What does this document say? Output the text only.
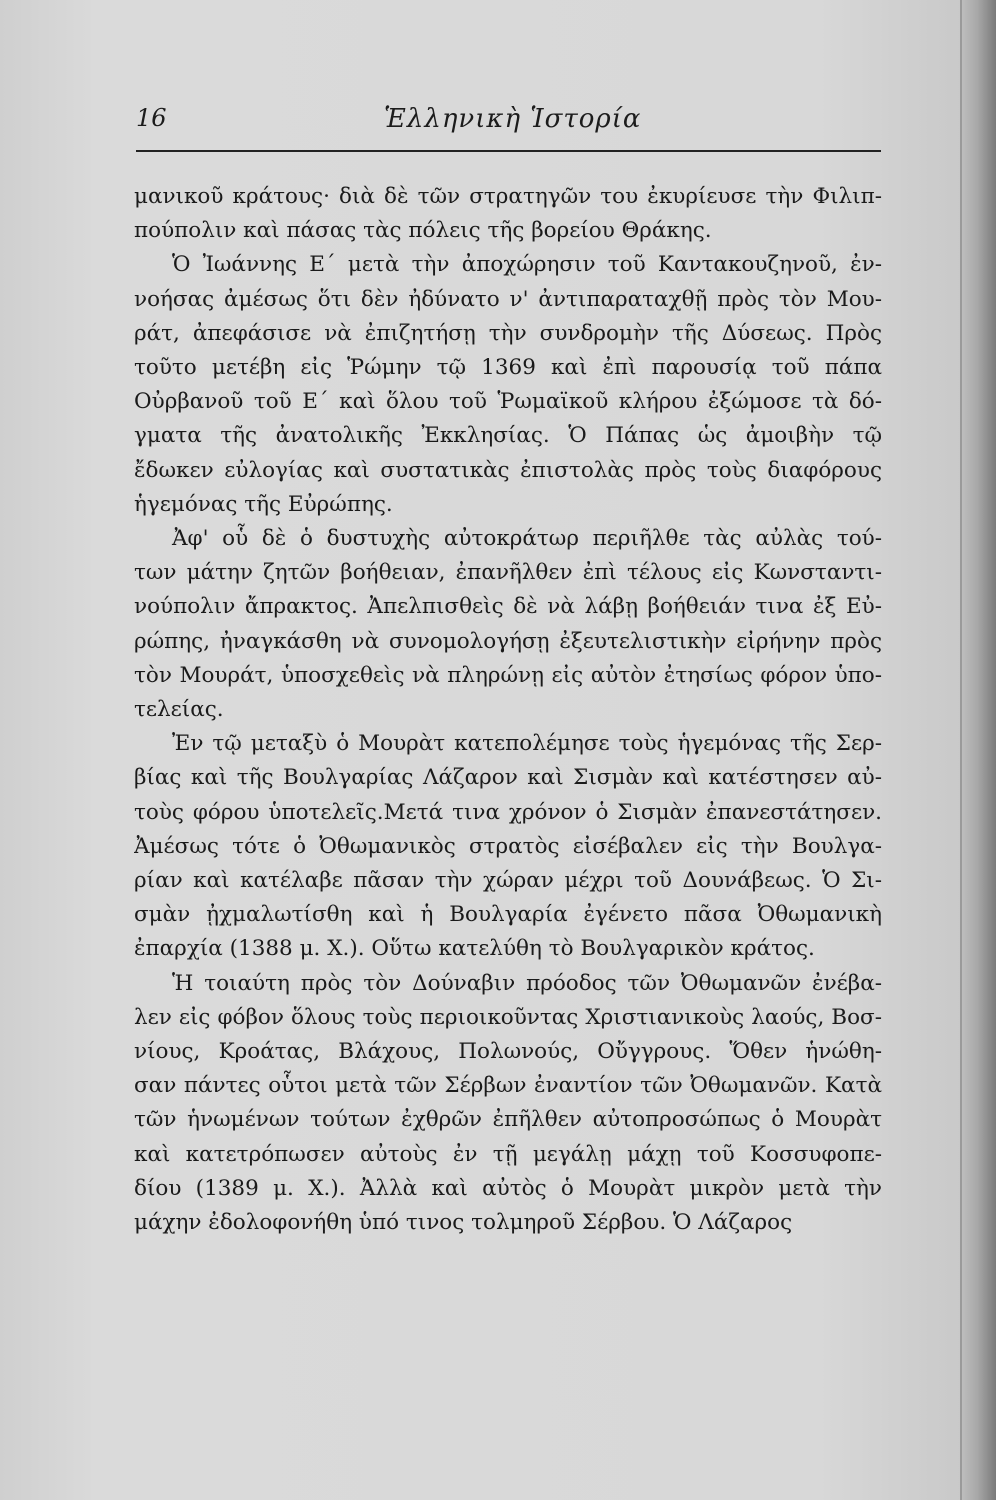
16	Ἑλληνικὴ Ἱστορία
μανικοῦ κράτους· διὰ δὲ τῶν στρατηγῶν του ἐκυρίευσε τὴν Φιλιπ-
πούπολιν καὶ πάσας τὰς πόλεις τῆς βορείου Θράκης.
Ὁ Ἰωάννης Ε΄ μετὰ τὴν ἀποχώρησιν τοῦ Καντακουζηνοῦ, ἐν-
νοήσας ἀμέσως ὅτι δὲν ἠδύνατο ν' ἀντιπαραταχθῇ πρὸς τὸν Μου-
ράτ, ἀπεφάσισε νὰ ἐπιζητήσῃ τὴν συνδρομὴν τῆς Δύσεως. Πρὸς
τοῦτο μετέβη εἰς Ῥώμην τῷ 1369 καὶ ἐπὶ παρουσίᾳ τοῦ πάπα
Οὐρβανοῦ τοῦ Ε΄ καὶ ὅλου τοῦ Ῥωμαϊκοῦ κλήρου ἐξώμοσε τὰ δό-
γματα τῆς ἀνατολικῆς Ἐκκλησίας. Ὁ Πάπας ὡς ἀμοιβὴν τῷ
ἔδωκεν εὐλογίας καὶ συστατικὰς ἐπιστολὰς πρὸς τοὺς διαφόρους
ἡγεμόνας τῆς Εὐρώπης.
Ἀφ' οὗ δὲ ὁ δυστυχὴς αὐτοκράτωρ περιῆλθε τὰς αὐλὰς τού-
των μάτην ζητῶν βοήθειαν, ἐπανῆλθεν ἐπὶ τέλους εἰς Κωνσταντι-
νούπολιν ἄπρακτος. Ἀπελπισθεὶς δὲ νὰ λάβῃ βοήθειάν τινα ἐξ Εὐ-
ρώπης, ἠναγκάσθη νὰ συνομολογήσῃ ἐξευτελιστικὴν εἰρήνην πρὸς
τὸν Μουράτ, ὑποσχεθεὶς νὰ πληρώνῃ εἰς αὐτὸν ἐτησίως φόρον ὑπο-
τελείας.
Ἐν τῷ μεταξὺ ὁ Μουρὰτ κατεπολέμησε τοὺς ἡγεμόνας τῆς Σερ-
βίας καὶ τῆς Βουλγαρίας Λάζαρον καὶ Σισμὰν καὶ κατέστησεν αὐ-
τοὺς φόρου ὑποτελεῖς.Μετά τινα χρόνον ὁ Σισμὰν ἐπανεστάτησεν.
Ἀμέσως τότε ὁ Ὀθωμανικὸς στρατὸς εἰσέβαλεν εἰς τὴν Βουλγα-
ρίαν καὶ κατέλαβε πᾶσαν τὴν χώραν μέχρι τοῦ Δουνάβεως. Ὁ Σι-
σμὰν ᾐχμαλωτίσθη καὶ ἡ Βουλγαρία ἐγένετο πᾶσα Ὀθωμανικὴ
ἐπαρχία (1388 μ. Χ.). Οὕτω κατελύθη τὸ Βουλγαρικὸν κράτος.
Ἡ τοιαύτη πρὸς τὸν Δούναβιν πρόοδος τῶν Ὀθωμανῶν ἐνέβα-
λεν εἰς φόβον ὅλους τοὺς περιοικοῦντας Χριστιανικοὺς λαούς, Βοσ-
νίους, Κροάτας, Βλάχους, Πολωνούς, Οὔγγρους. Ὅθεν ἡνώθη-
σαν πάντες οὗτοι μετὰ τῶν Σέρβων ἐναντίον τῶν Ὀθωμανῶν. Κατὰ
τῶν ἡνωμένων τούτων ἐχθρῶν ἐπῆλθεν αὐτοπροσώπως ὁ Μουρὰτ
καὶ κατετρόπωσεν αὐτοὺς ἐν τῇ μεγάλῃ μάχῃ τοῦ Κοσσυφοπε-
δίου (1389 μ. Χ.). Ἀλλὰ καὶ αὐτὸς ὁ Μουρὰτ μικρὸν μετὰ τὴν
μάχην ἐδολοφονήθη ὑπό τινος τολμηροῦ Σέρβου. Ὁ Λάζαρος
